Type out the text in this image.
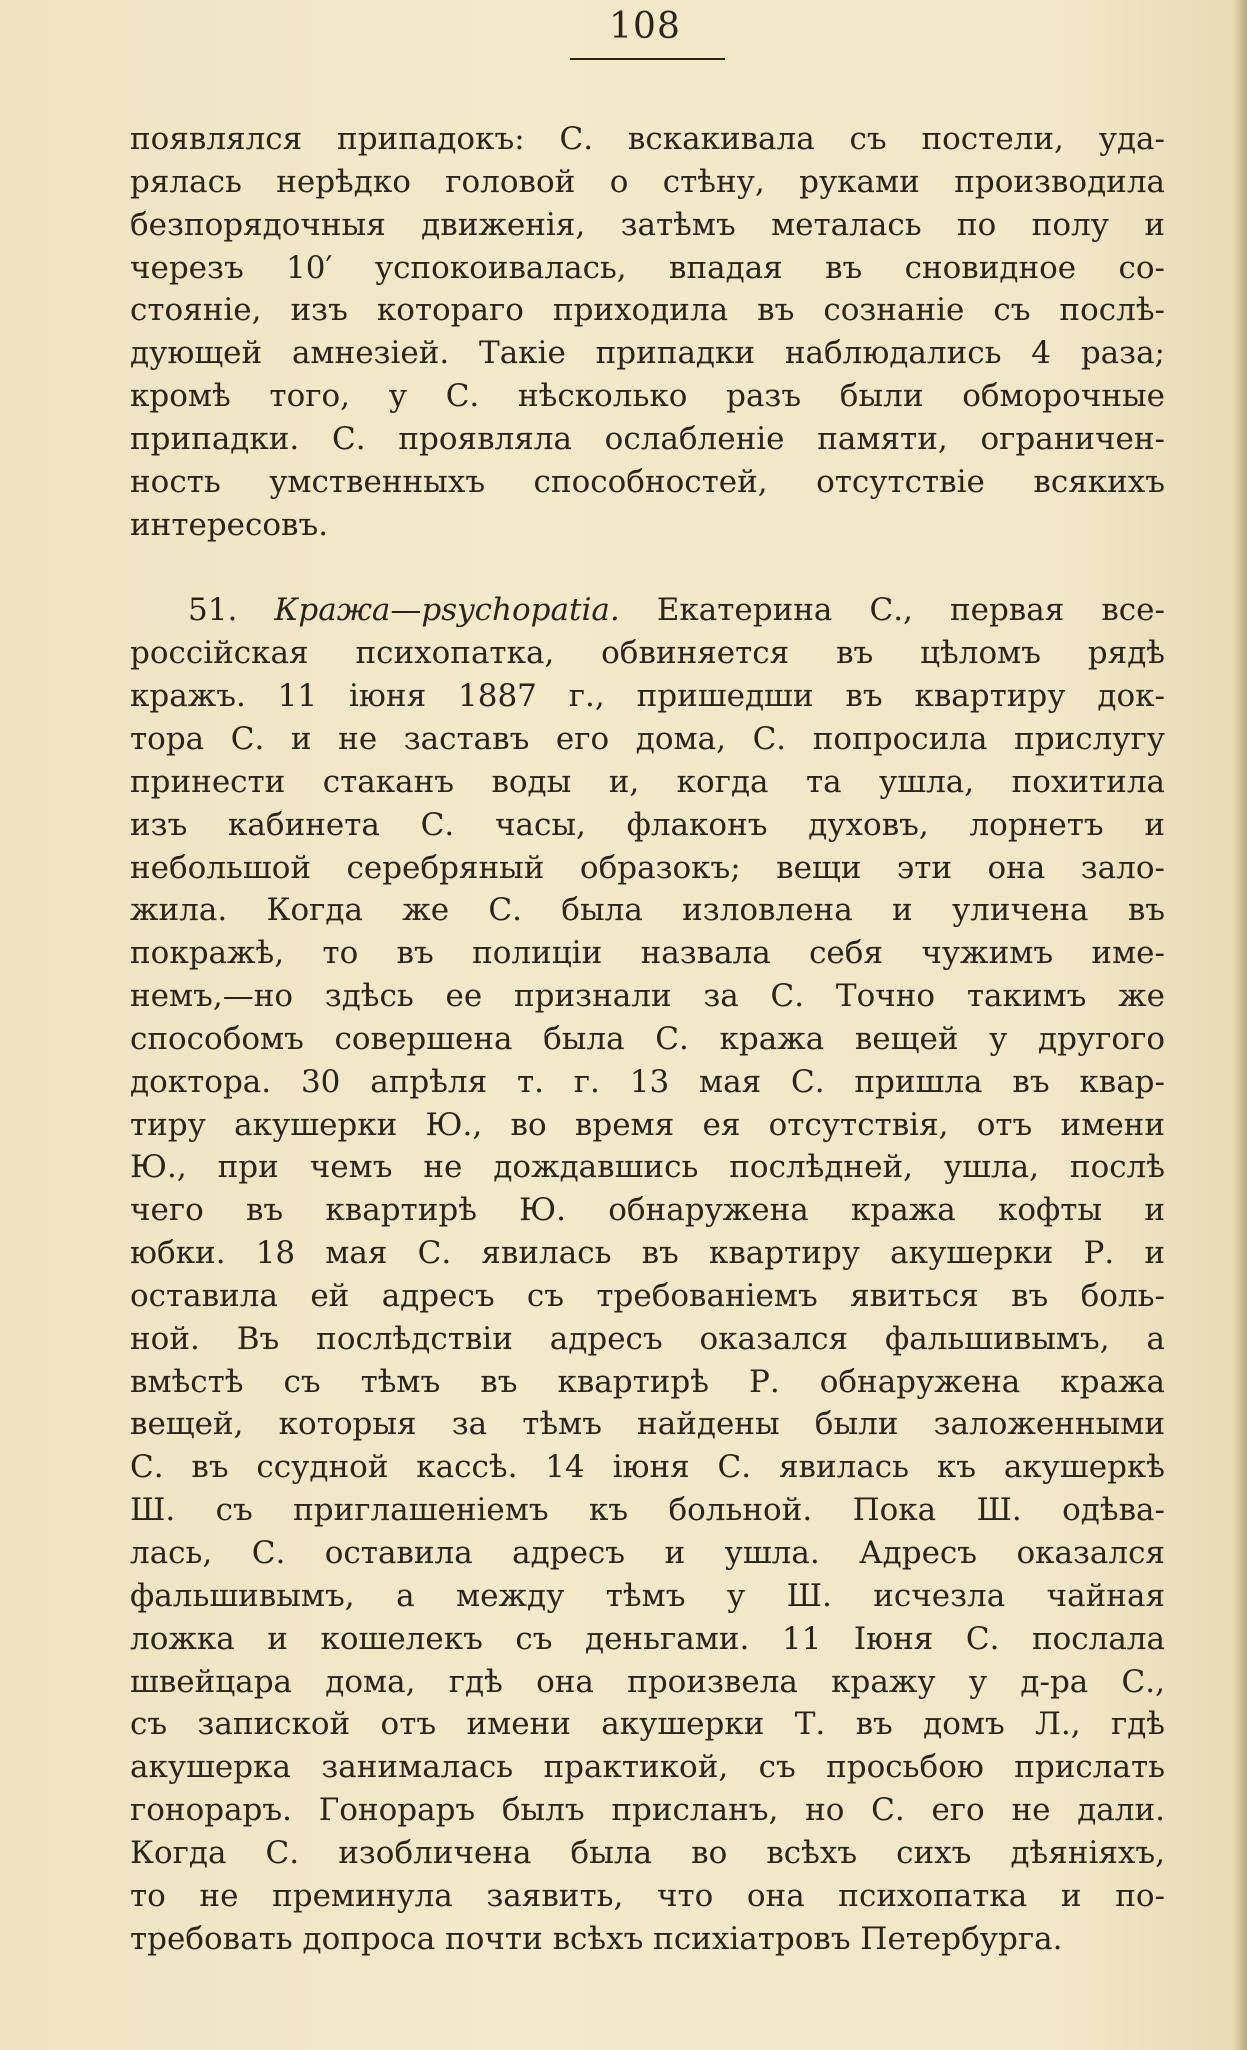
108
появлялся припадокъ: С. вскакивала съ постели, уда-
рялась нерѣдко головой о стѣну, руками производила
безпорядочныя движенія, затѣмъ металась по полу и
черезъ 10′ успокоивалась, впадая въ сновидное со-
стояніе, изъ котораго приходила въ сознаніе съ послѣ-
дующей амнезіей. Такіе припадки наблюдались 4 раза;
кромѣ того, у С. нѣсколько разъ были обморочные
припадки. С. проявляла ослабленіе памяти, ограничен-
ность умственныхъ способностей, отсутствіе всякихъ
интересовъ.
51. Кража—psychopatia. Екатерина С., первая все-
россійская психопатка, обвиняется въ цѣломъ рядѣ
кражъ. 11 іюня 1887 г., пришедши въ квартиру док-
тора С. и не заставъ его дома, С. попросила прислугу
принести стаканъ воды и, когда та ушла, похитила
изъ кабинета С. часы, флаконъ духовъ, лорнетъ и
небольшой серебряный образокъ; вещи эти она зало-
жила. Когда же С. была изловлена и уличена въ
покражѣ, то въ полиціи назвала себя чужимъ име-
немъ,—но здѣсь ее признали за С. Точно такимъ же
способомъ совершена была С. кража вещей у другого
доктора. 30 апрѣля т. г. 13 мая С. пришла въ квар-
тиру акушерки Ю., во время ея отсутствія, отъ имени
Ю., при чемъ не дождавшись послѣдней, ушла, послѣ
чего въ квартирѣ Ю. обнаружена кража кофты и
юбки. 18 мая С. явилась въ квартиру акушерки Р. и
оставила ей адресъ съ требованіемъ явиться въ боль-
ной. Въ послѣдствіи адресъ оказался фальшивымъ, а
вмѣстѣ съ тѣмъ въ квартирѣ Р. обнаружена кража
вещей, которыя за тѣмъ найдены были заложенными
С. въ ссудной кассѣ. 14 іюня С. явилась къ акушеркѣ
Ш. съ приглашеніемъ къ больной. Пока Ш. одѣва-
лась, С. оставила адресъ и ушла. Адресъ оказался
фальшивымъ, а между тѣмъ у Ш. исчезла чайная
ложка и кошелекъ съ деньгами. 11 Іюня С. послала
швейцара дома, гдѣ она произвела кражу у д-ра С.,
съ запиской отъ имени акушерки Т. въ домъ Л., гдѣ
акушерка занималась практикой, съ просьбою прислать
гонораръ. Гонораръ былъ присланъ, но С. его не дали.
Когда С. изобличена была во всѣхъ сихъ дѣяніяхъ,
то не преминула заявить, что она психопатка и по-
требовать допроса почти всѣхъ психіатровъ Петербурга.
